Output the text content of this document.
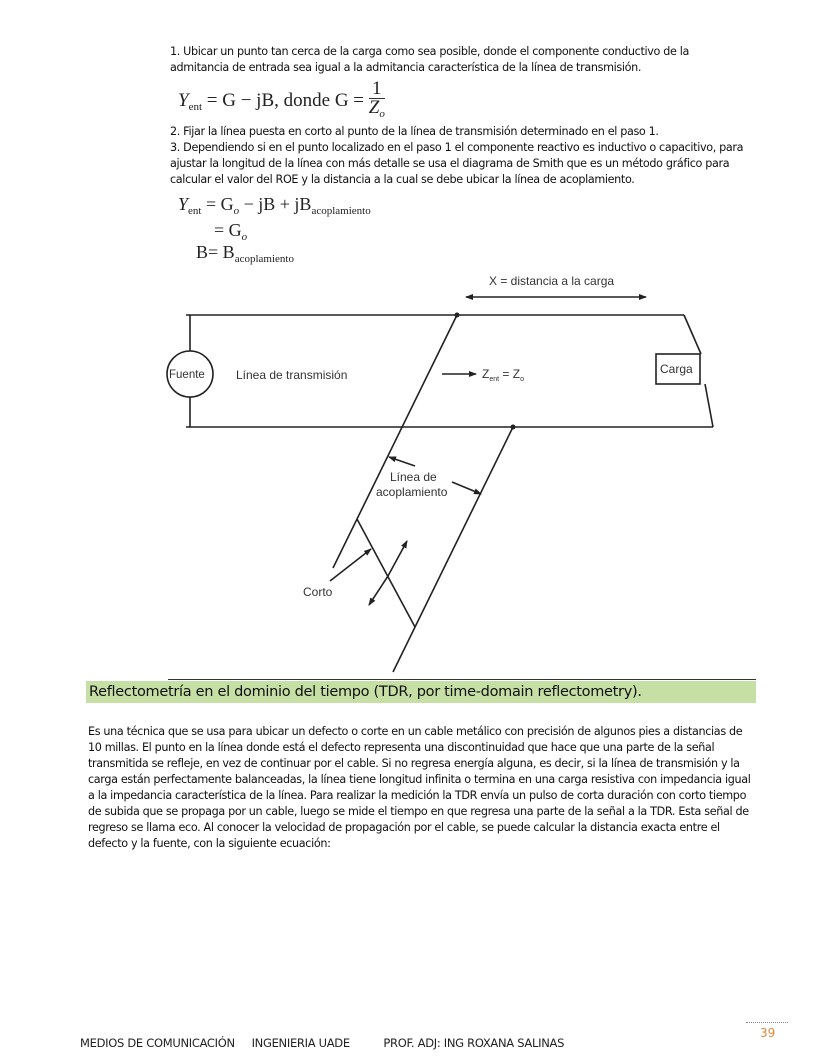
1. Ubicar un punto tan cerca de la carga como sea posible, donde el componente conductivo de la admitancia de entrada sea igual a la admitancia característica de la línea de transmisión.
$Y_{ent} = G$ − jB, donde $G = \frac{1}{Z_o}$
2. Fijar la línea puesta en corto al punto de la línea de transmisión determinado en el paso 1.
3. Dependiendo si en el punto localizado en el paso 1 el componente reactivo es inductivo o capacitivo, para ajustar la longitud de la línea con más detalle se usa el diagrama de Smith que es un método gráfico para calcular el valor del ROE y la distancia a la cual se debe ubicar la línea de acoplamiento.
$Y_{ent} = G_o$ − jB + $jB_{acoplamiento}$
= $G_o$
$B= B_{acoplamiento}$
X = distancia a la carga
Fuente	Línea de transmisión	$Z_{ent} = Z_o$
Carga
Línea de
acoplamiento
Corto
Reflectometría en el dominio del tiempo (TDR, por time-domain reflectometry).
Es una técnica que se usa para ubicar un defecto o corte en un cable metálico con precisión de algunos pies a distancias de 10 millas. El punto en la línea donde está el defecto representa una discontinuidad que hace que una parte de la señal transmitida se refleje, en vez de continuar por el cable. Si no regresa energía alguna, es decir, si la línea de transmisión y la carga están perfectamente balanceadas, la línea tiene longitud infinita o termina en una carga resistiva con impedancia igual a la impedancia característica de la línea. Para realizar la medición la TDR envía un pulso de corta duración con corto tiempo de subida que se propaga por un cable, luego se mide el tiempo en que regresa una parte de la señal a la TDR. Esta señal de regreso se llama eco. Al conocer la velocidad de propagación por el cable, se puede calcular la distancia exacta entre el defecto y la fuente, con la siguiente ecuación:
39
MEDIOS DE COMUNICACIÓN     INGENIERIA UADE          PROF. ADJ: ING ROXANA SALINAS
